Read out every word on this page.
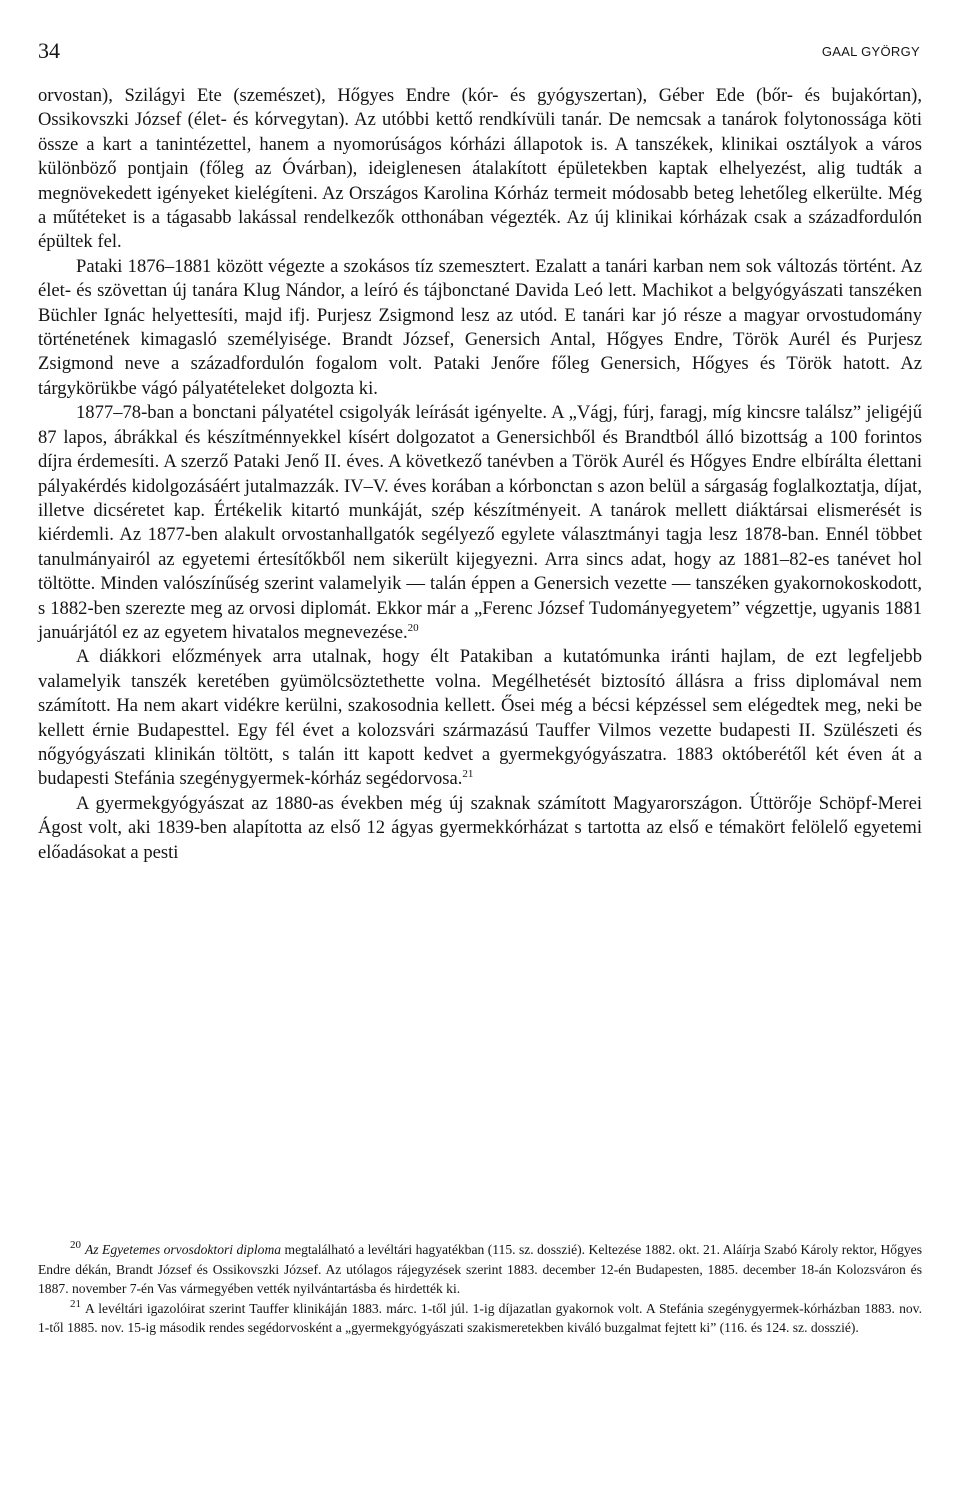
34	GAAL GYÖRGY

orvostan), Szilágyi Ete (szemészet), Hőgyes Endre (kór- és gyógyszertan), Géber Ede (bőr- és bujakórtan), Ossikovszki József (élet- és kórvegytan). Az utóbbi kettő rendkívüli tanár. De nemcsak a tanárok folytonossága köti össze a kart a tanintézettel, hanem a nyomorúságos kórházi állapotok is. A tanszékek, klinikai osztályok a város különböző pontjain (főleg az Óvárban), ideiglenesen átalakított épületekben kaptak elhelyezést, alig tudták a megnövekedett igényeket kielégíteni. Az Országos Karolina Kórház termeit módosabb beteg lehetőleg elkerülte. Még a műtéteket is a tágasabb lakással rendelkezők otthonában végezték. Az új klinikai kórházak csak a századfordulón épültek fel.

Pataki 1876–1881 között végezte a szokásos tíz szemesztert. Ezalatt a tanári karban nem sok változás történt. Az élet- és szövettan új tanára Klug Nándor, a leíró és tájbonctané Davida Leó lett. Machikot a belgyógyászati tanszéken Büchler Ignác helyettesíti, majd ifj. Purjesz Zsigmond lesz az utód. E tanári kar jó része a magyar orvostudomány történetének kimagasló személyisége. Brandt József, Genersich Antal, Hőgyes Endre, Török Aurél és Purjesz Zsigmond neve a századfordulón fogalom volt. Pataki Jenőre főleg Genersich, Hőgyes és Török hatott. Az tárgykörükbe vágó pályatételeket dolgozta ki.

1877–78-ban a bonctani pályatétel csigolyák leírását igényelte. A „Vágj, fúrj, faragj, míg kincsre találsz” jeligéjű 87 lapos, ábrákkal és készítménnyekkel kísért dolgozatot a Genersichből és Brandtból álló bizottság a 100 forintos díjra érdemesíti. A szerző Pataki Jenő II. éves. A következő tanévben a Török Aurél és Hőgyes Endre elbírálta élettani pályakérdés kidolgozásáért jutalmazzák. IV–V. éves korában a kórbonctan s azon belül a sárgaság foglalkoztatja, díjat, illetve dicséretet kap. Értékelik kitartó munkáját, szép készítményeit. A tanárok mellett diáktársai elismerését is kiérdemli. Az 1877-ben alakult orvostanhallgatók segélyező egylete választmányi tagja lesz 1878-ban. Ennél többet tanulmányairól az egyetemi értesítőkből nem sikerült kijegyezni. Arra sincs adat, hogy az 1881–82-es tanévet hol töltötte. Minden valószínűség szerint valamelyik — talán éppen a Genersich vezette — tanszéken gyakornokoskodott, s 1882-ben szerezte meg az orvosi diplomát. Ekkor már a „Ferenc József Tudományegyetem” végzettje, ugyanis 1881 januárjától ez az egyetem hivatalos megnevezése.$^{20}$

A diákkori előzmények arra utalnak, hogy élt Patakiban a kutatómunka iránti hajlam, de ezt legfeljebb valamelyik tanszék keretében gyümölcsöztethette volna. Megélhetését biztosító állásra a friss diplomával nem számított. Ha nem akart vidékre kerülni, szakosodnia kellett. Ősei még a bécsi képzéssel sem elégedtek meg, neki be kellett érnie Budapesttel. Egy fél évet a kolozsvári származású Tauffer Vilmos vezette budapesti II. Szülészeti és nőgyógyászati klinikán töltött, s talán itt kapott kedvet a gyermekgyógyászatra. 1883 októberétől két éven át a budapesti Stefánia szegénygyermek-kórház segédorvosa.$^{21}$

A gyermekgyógyászat az 1880-as években még új szaknak számított Magyarországon. Úttörője Schöpf-Merei Ágost volt, aki 1839-ben alapította az első 12 ágyas gyermekkórházat s tartotta az első e témakört felölelő egyetemi előadásokat a pesti

$^{20}$ Az Egyetemes orvosdoktori diploma megtalálható a levéltári hagyatékban (115. sz. dosszié). Keltezése 1882. okt. 21. Aláírja Szabó Károly rektor, Hőgyes Endre dékán, Brandt József és Ossikovszki József. Az utólagos rájegyzések szerint 1883. december 12-én Budapesten, 1885. december 18-án Kolozsváron és 1887. november 7-én Vas vármegyében vették nyilvántartásba és hirdették ki.

$^{21}$ A levéltári igazolóirat szerint Tauffer klinikáján 1883. márc. 1-től júl. 1-ig díjazatlan gyakornok volt. A Stefánia szegénygyermek-kórházban 1883. nov. 1-től 1885. nov. 15-ig második rendes segédorvosként a „gyermekgyógyászati szakismeretekben kiváló buzgalmat fejtett ki” (116. és 124. sz. dosszié).
